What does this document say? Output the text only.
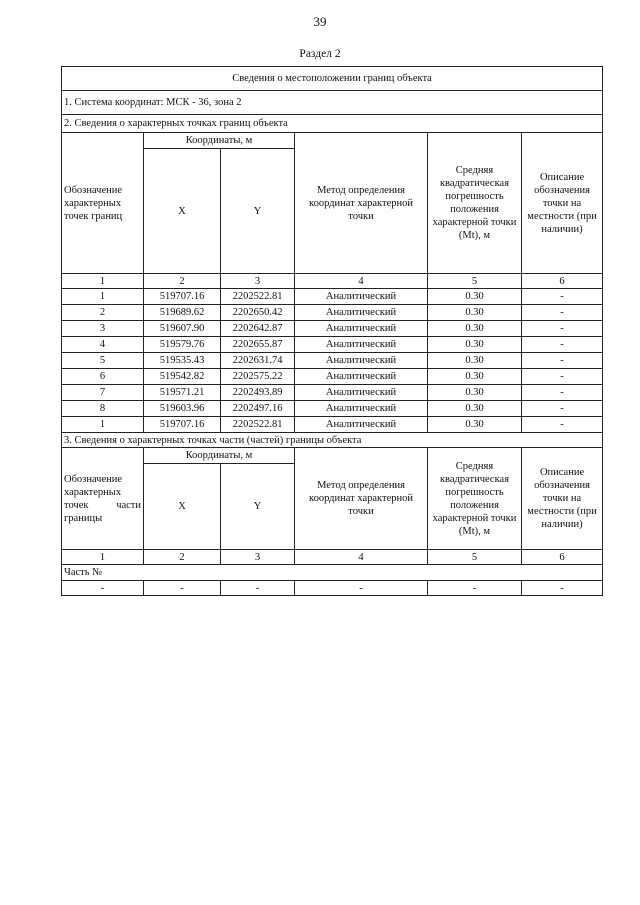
39
Раздел 2
Сведения о местоположении границ объекта					
1. Система координат: МСК - 36, зона 2					
2. Сведения о характерных точках границ объекта					
Обозначение характерных точек границ	Координаты, м		Метод определения координат характерной точки	Средняя квадратическая погрешность положения характерной точки (Mt), м	Описание обозначения точки на местности (при наличии)
	X	Y			
1	2	3	4	5	6
1	519707.16	2202522.81	Аналитический	0.30	-
2	519689.62	2202650.42	Аналитический	0.30	-
3	519607.90	2202642.87	Аналитический	0.30	-
4	519579.76	2202655.87	Аналитический	0.30	-
5	519535.43	2202631.74	Аналитический	0.30	-
6	519542.82	2202575.22	Аналитический	0.30	-
7	519571.21	2202493.89	Аналитический	0.30	-
8	519603.96	2202497.16	Аналитический	0.30	-
1	519707.16	2202522.81	Аналитический	0.30	-
3. Сведения о характерных точках части (частей) границы объекта					
Обозначение характерных точек части границы	Координаты, м		Метод определения координат характерной точки	Средняя квадратическая погрешность положения характерной точки (Mt), м	Описание обозначения точки на местности (при наличии)
	X	Y			
1	2	3	4	5	6
Часть №					
-	-	-	-	-	-
